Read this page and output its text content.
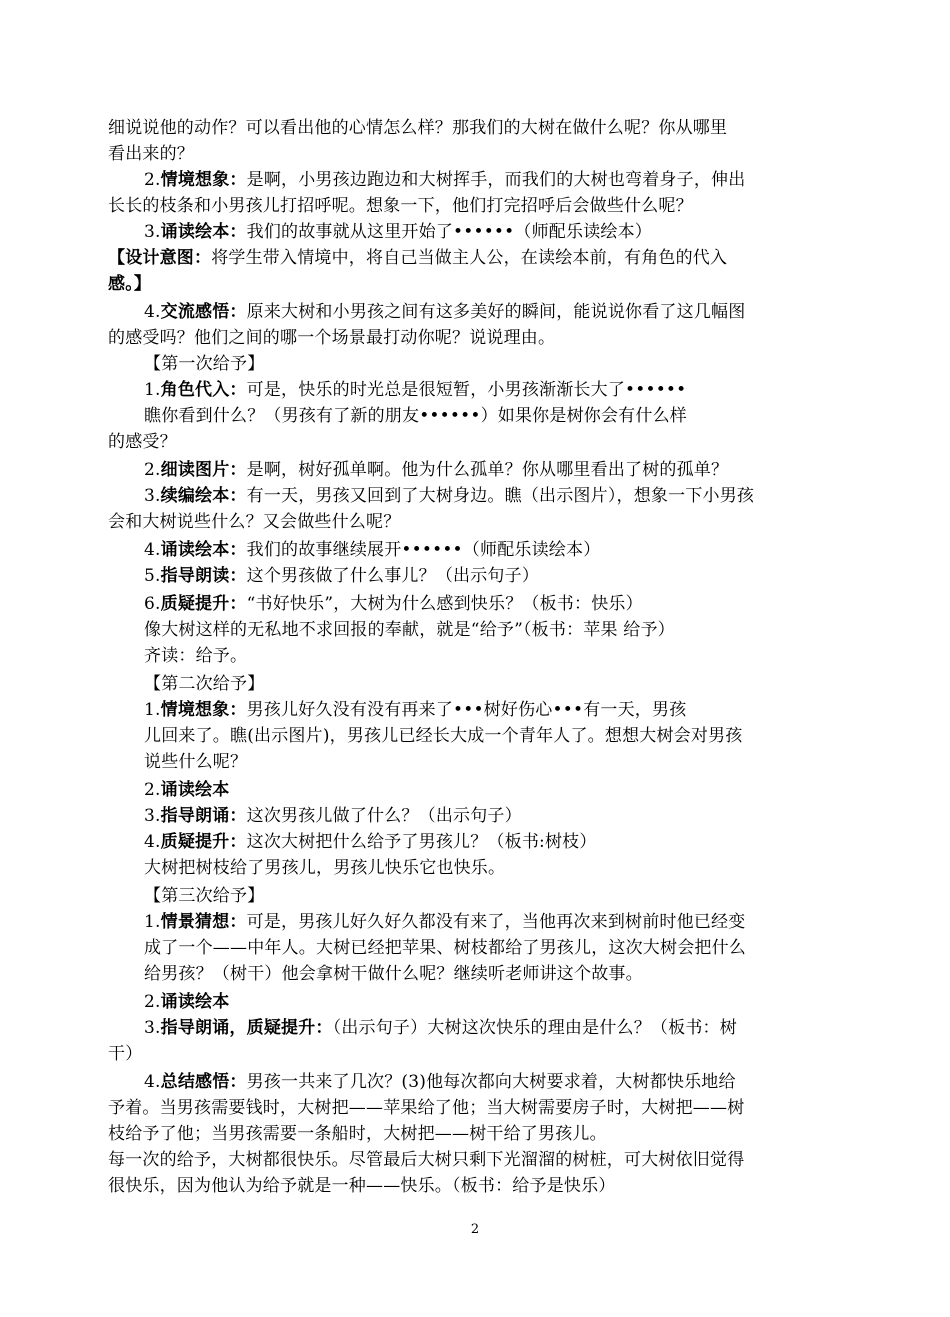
细说说他的动作？可以看出他的心情怎么样？那我们的大树在做什么呢？你从哪里
看出来的？
2.情境想象：是啊，小男孩边跑边和大树挥手，而我们的大树也弯着身子，伸出
长长的枝条和小男孩儿打招呼呢。想象一下，他们打完招呼后会做些什么呢？
3.诵读绘本：我们的故事就从这里开始了••••••（师配乐读绘本）
【设计意图：将学生带入情境中，将自己当做主人公，在读绘本前，有角色的代入
感。】
4.交流感悟：原来大树和小男孩之间有这多美好的瞬间，能说说你看了这几幅图
的感受吗？他们之间的哪一个场景最打动你呢？说说理由。
【第一次给予】
1.角色代入：可是，快乐的时光总是很短暂，小男孩渐渐长大了••••••
瞧你看到什么？（男孩有了新的朋友••••••）如果你是树你会有什么样
的感受？
2.细读图片：是啊，树好孤单啊。他为什么孤单？你从哪里看出了树的孤单？
3.续编绘本：有一天，男孩又回到了大树身边。瞧（出示图片），想象一下小男孩
会和大树说些什么？又会做些什么呢？
4.诵读绘本：我们的故事继续展开••••••（师配乐读绘本）
5.指导朗读：这个男孩做了什么事儿？（出示句子）
6.质疑提升：“书好快乐”，大树为什么感到快乐？（板书：快乐）
像大树这样的无私地不求回报的奉献，就是“给予”（板书：苹果 给予）
齐读：给予。
【第二次给予】
1.情境想象：男孩儿好久没有没有再来了•••树好伤心•••有一天，男孩
儿回来了。瞧(出示图片)，男孩儿已经长大成一个青年人了。想想大树会对男孩
说些什么呢？
2.诵读绘本
3.指导朗诵：这次男孩儿做了什么？（出示句子）
4.质疑提升：这次大树把什么给予了男孩儿？（板书:树枝）
大树把树枝给了男孩儿，男孩儿快乐它也快乐。
【第三次给予】
1.情景猜想：可是，男孩儿好久好久都没有来了，当他再次来到树前时他已经变
成了一个——中年人。大树已经把苹果、树枝都给了男孩儿，这次大树会把什么
给男孩？（树干）他会拿树干做什么呢？继续听老师讲这个故事。
2.诵读绘本
3.指导朗诵，质疑提升：（出示句子）大树这次快乐的理由是什么？（板书：树
干）
4.总结感悟：男孩一共来了几次？(3)他每次都向大树要求着，大树都快乐地给
予着。当男孩需要钱时，大树把——苹果给了他；当大树需要房子时，大树把——树
枝给予了他；当男孩需要一条船时，大树把——树干给了男孩儿。
每一次的给予，大树都很快乐。尽管最后大树只剩下光溜溜的树桩，可大树依旧觉得
很快乐，因为他认为给予就是一种——快乐。（板书：给予是快乐）
2
